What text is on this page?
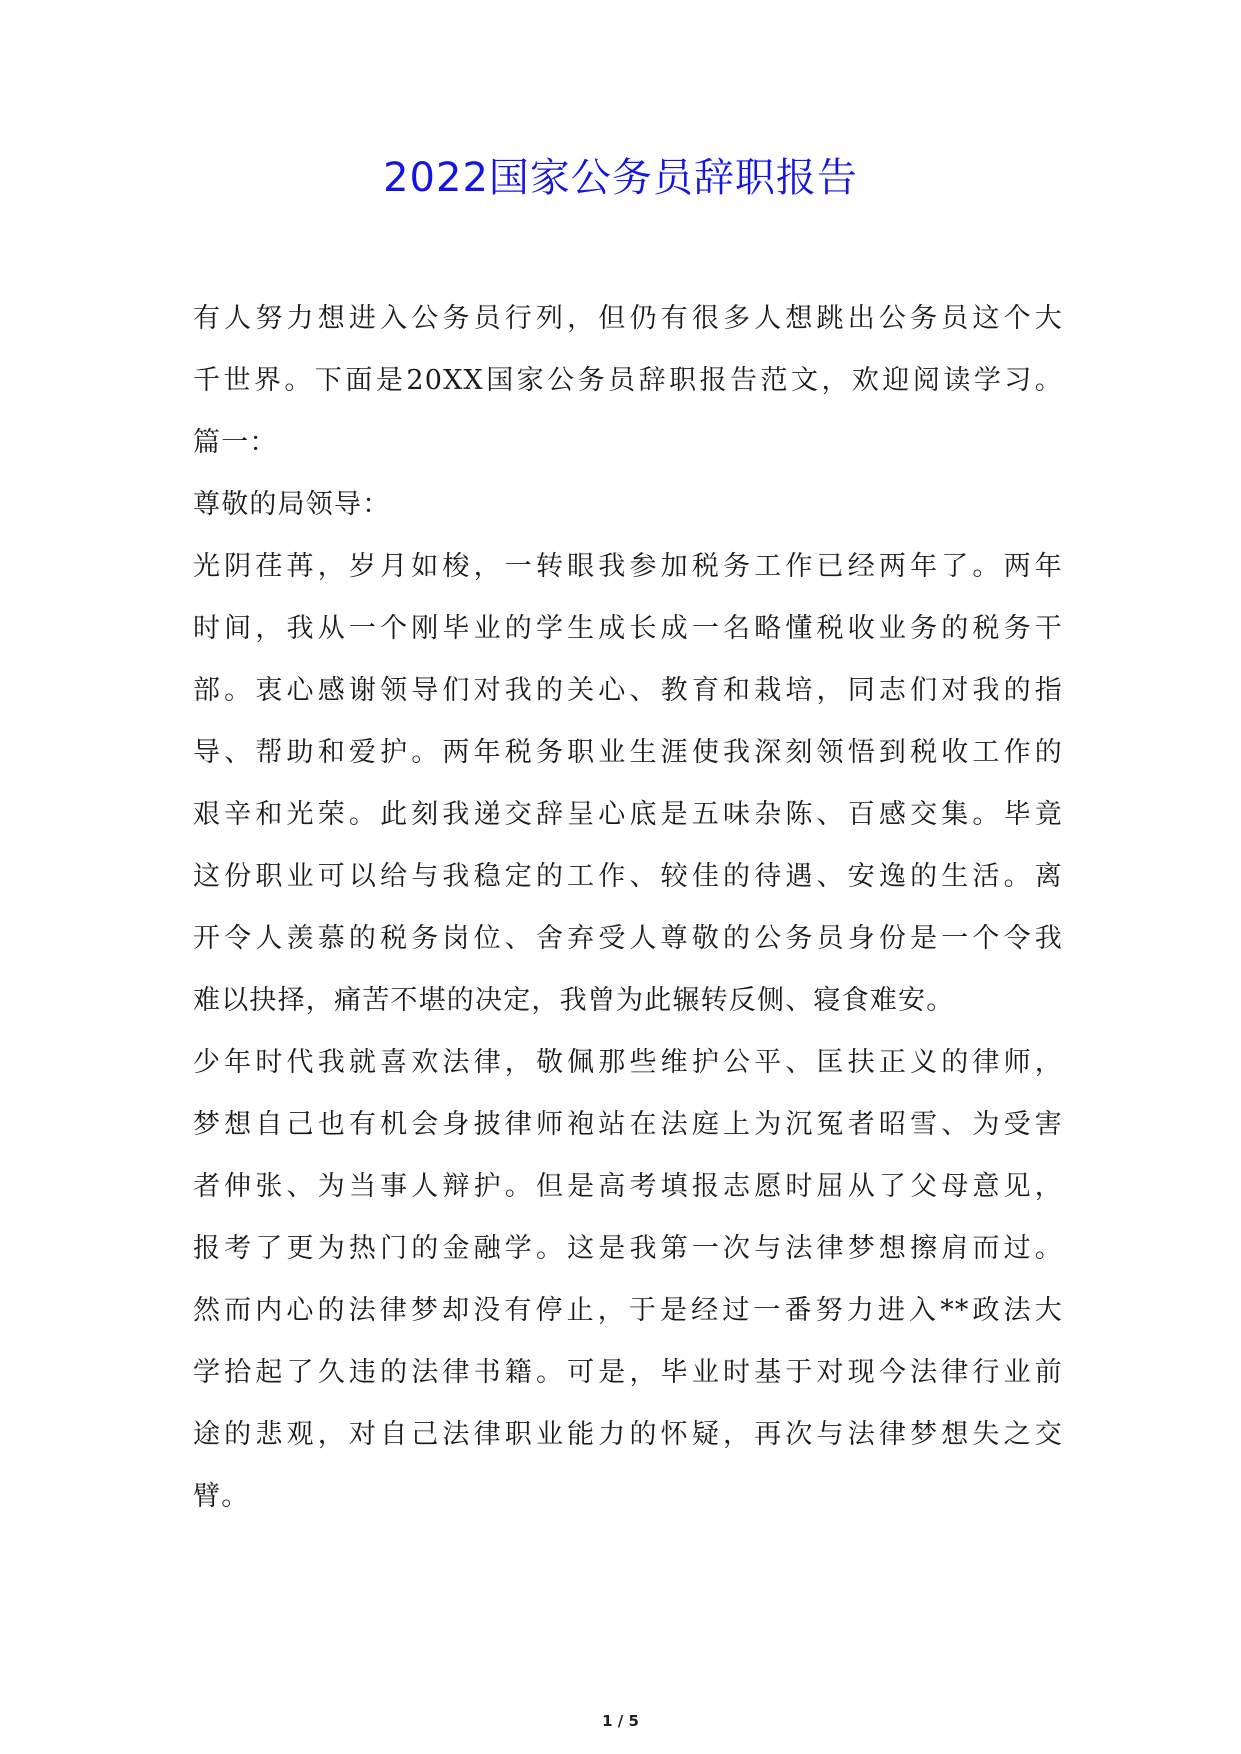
2022国家公务员辞职报告
有人努力想进入公务员行列，但仍有很多人想跳出公务员这个大
千世界。下面是20XX国家公务员辞职报告范文，欢迎阅读学习。
篇一：
尊敬的局领导：
光阴荏苒，岁月如梭，一转眼我参加税务工作已经两年了。两年
时间，我从一个刚毕业的学生成长成一名略懂税收业务的税务干
部。衷心感谢领导们对我的关心、教育和栽培，同志们对我的指
导、帮助和爱护。两年税务职业生涯使我深刻领悟到税收工作的
艰辛和光荣。此刻我递交辞呈心底是五味杂陈、百感交集。毕竟
这份职业可以给与我稳定的工作、较佳的待遇、安逸的生活。离
开令人羡慕的税务岗位、舍弃受人尊敬的公务员身份是一个令我
难以抉择，痛苦不堪的决定，我曾为此辗转反侧、寝食难安。
少年时代我就喜欢法律，敬佩那些维护公平、匡扶正义的律师，
梦想自己也有机会身披律师袍站在法庭上为沉冤者昭雪、为受害
者伸张、为当事人辩护。但是高考填报志愿时屈从了父母意见，
报考了更为热门的金融学。这是我第一次与法律梦想擦肩而过。
然而内心的法律梦却没有停止，于是经过一番努力进入**政法大
学拾起了久违的法律书籍。可是，毕业时基于对现今法律行业前
途的悲观，对自己法律职业能力的怀疑，再次与法律梦想失之交
臂。
1 / 5
